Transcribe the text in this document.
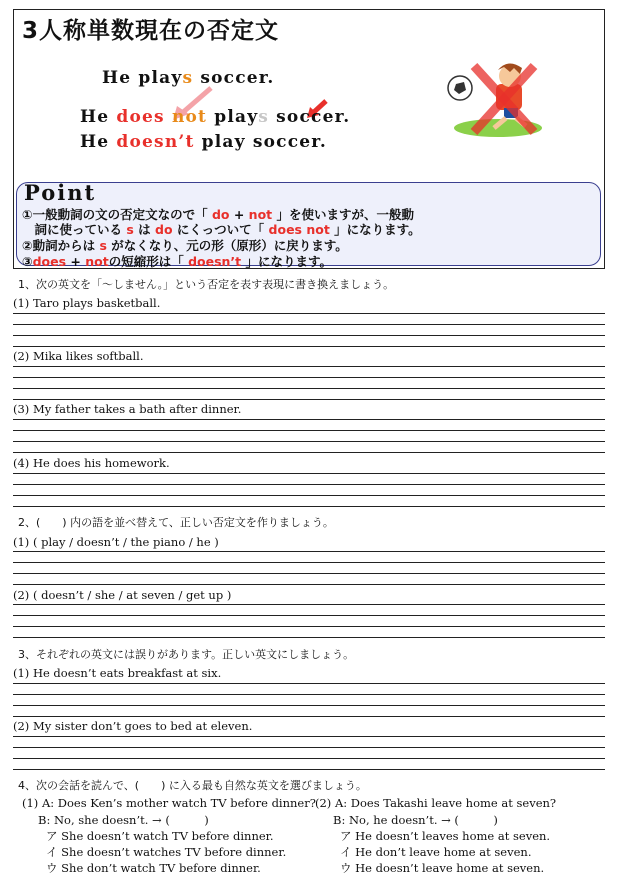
3人称単数現在の否定文
He plays soccer.
He does not plays soccer.
He doesn’t play soccer.
Point
①一般動詞の文の否定文なので「 do + not 」を使いますが、一般動
　詞に使っている s は do にくっついて「 does not 」になります。
②動詞からは s がなくなり、元の形（原形）に戻ります。
③does + notの短縮形は「 doesn’t 」になります。
1、次の英文を「～しません。」という否定を表す表現に書き換えましょう。
(1) Taro plays basketball.
(2) Mika likes softball.
(3) My father takes a bath after dinner.
(4) He does his homework.
2、(　　) 内の語を並べ替えて、正しい否定文を作りましょう。
(1) ( play / doesn’t / the piano / he )
(2) ( doesn’t / she / at seven / get up )
3、それぞれの英文には誤りがあります。正しい英文にしましょう。
(1) He doesn’t eats breakfast at six.
(2) My sister don’t goes to bed at eleven.
4、次の会話を読んで、(　　) に入る最も自然な英文を選びましょう。
(1) A: Does Ken’s mother watch TV before dinner?
B: No, she doesn’t. → (　　　)
ア She doesn’t watch TV before dinner.
イ She doesn’t watches TV before dinner.
ウ She don’t watch TV before dinner.
(2) A: Does Takashi leave home at seven?
B: No, he doesn’t. → (　　　)
ア He doesn’t leaves home at seven.
イ He don’t leave home at seven.
ウ He doesn’t leave home at seven.
